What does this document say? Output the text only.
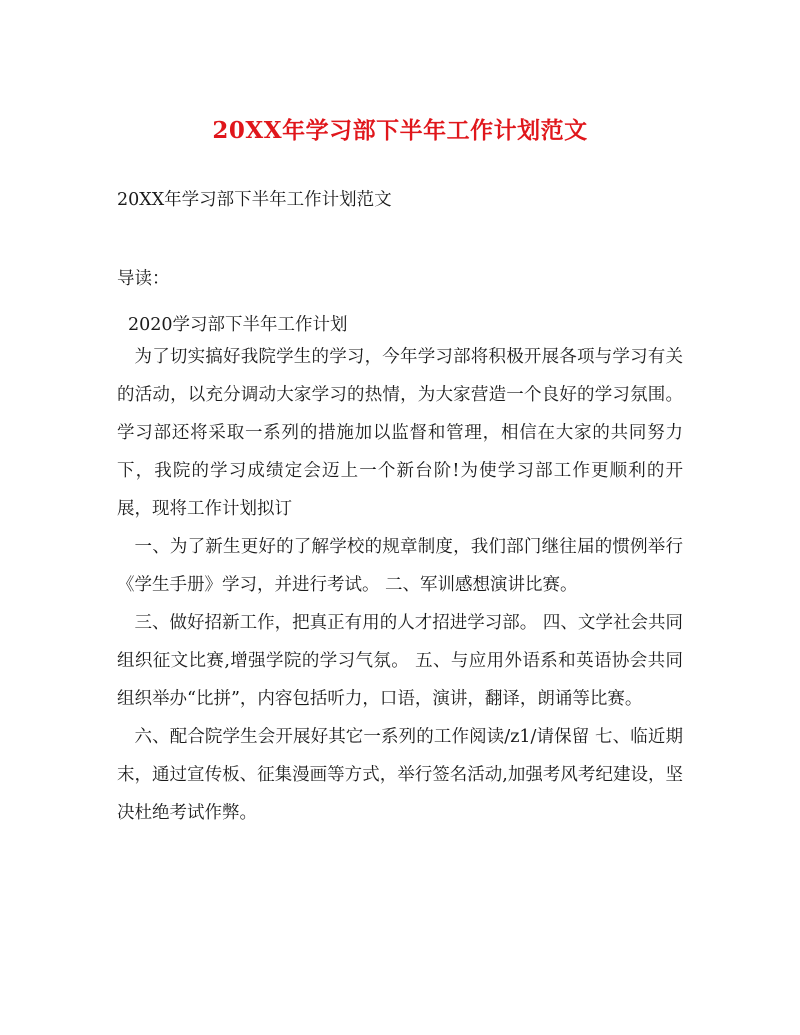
20XX年学习部下半年工作计划范文
20XX年学习部下半年工作计划范文
导读：
2020学习部下半年工作计划

为了切实搞好我院学生的学习，今年学习部将积极开展各项与学习有关的活动，以充分调动大家学习的热情，为大家营造一个良好的学习氛围。学习部还将采取一系列的措施加以监督和管理，相信在大家的共同努力下，我院的学习成绩定会迈上一个新台阶!为使学习部工作更顺利的开展，现将工作计划拟订

一、为了新生更好的了解学校的规章制度，我们部门继往届的惯例举行《学生手册》学习，并进行考试。 二、军训感想演讲比赛。

三、做好招新工作，把真正有用的人才招进学习部。 四、文学社会共同组织征文比赛,增强学院的学习气氛。 五、与应用外语系和英语协会共同组织举办“比拼”，内容包括听力，口语，演讲，翻译，朗诵等比赛。

六、配合院学生会开展好其它一系列的工作阅读/z1/请保留 七、临近期末，通过宣传板、征集漫画等方式，举行签名活动,加强考风考纪建设，坚决杜绝考试作弊。
